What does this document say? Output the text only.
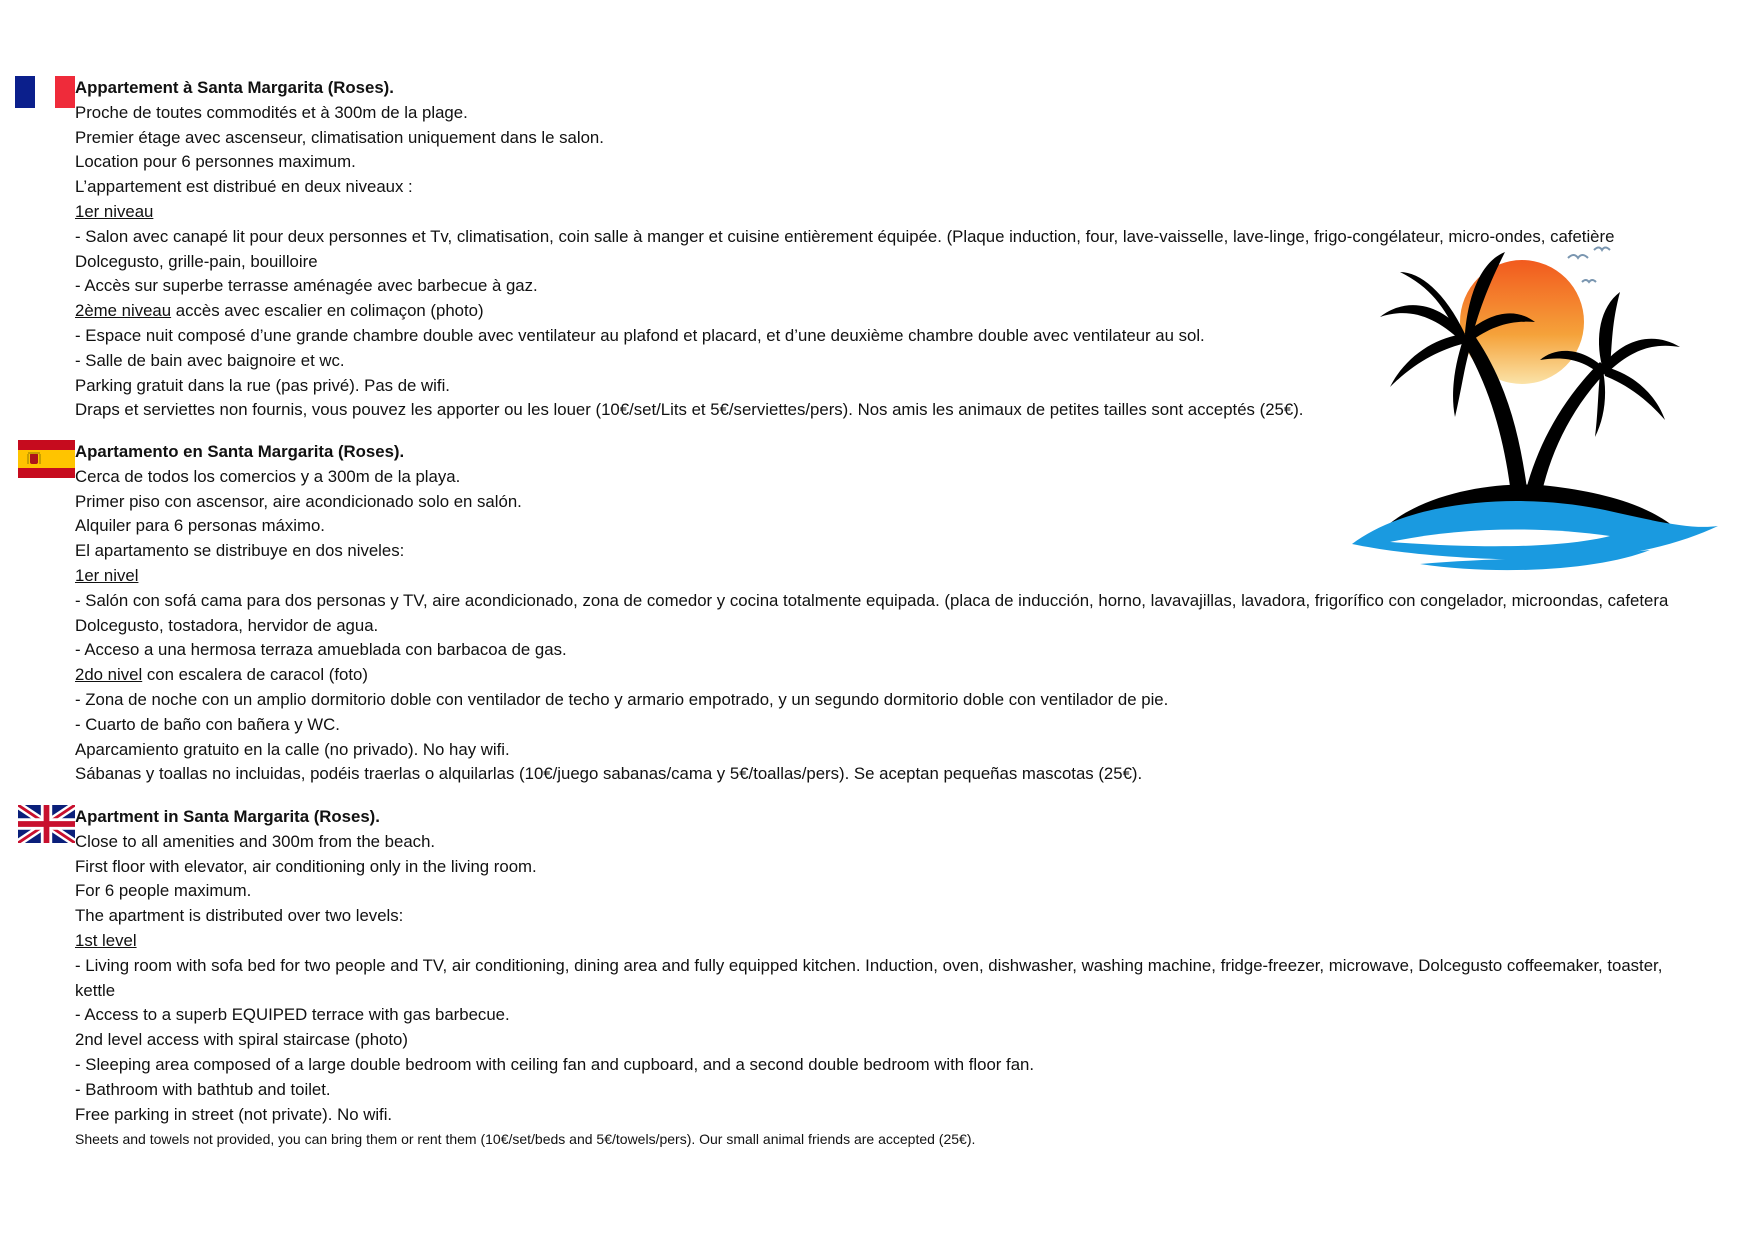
Appartement à Santa Margarita (Roses).
Proche de toutes commodités et à 300m de la plage.
Premier étage avec ascenseur, climatisation uniquement dans le salon.
Location pour 6 personnes maximum.
L’appartement est distribué en deux niveaux :
1er niveau
- Salon avec canapé lit pour deux personnes et Tv, climatisation, coin salle à manger et cuisine entièrement équipée. (Plaque induction, four, lave-vaisselle, lave-linge, frigo-congélateur, micro-ondes, cafetière Dolcegusto, grille-pain, bouilloire
- Accès sur superbe terrasse aménagée avec barbecue à gaz.
2ème niveau accès avec escalier en colimaçon (photo)
- Espace nuit composé d’une grande chambre double avec ventilateur au plafond et placard, et d’une deuxième chambre double avec ventilateur au sol.
- Salle de bain avec baignoire et wc.
Parking gratuit dans la rue (pas privé). Pas de wifi.
Draps et serviettes non fournis, vous pouvez les apporter ou les louer (10€/set/Lits et 5€/serviettes/pers). Nos amis les animaux de petites tailles sont acceptés (25€).
Apartamento en Santa Margarita (Roses).
Cerca de todos los comercios y a 300m de la playa.
Primer piso con ascensor, aire acondicionado solo en salón.
Alquiler para 6 personas máximo.
El apartamento se distribuye en dos niveles:
1er nivel
- Salón con sofá cama para dos personas y TV, aire acondicionado, zona de comedor y cocina totalmente equipada. (placa de inducción, horno, lavavajillas, lavadora, frigorífico con congelador, microondas, cafetera Dolcegusto, tostadora, hervidor de agua.
- Acceso a una hermosa terraza amueblada con barbacoa de gas.
2do nivel con escalera de caracol (foto)
- Zona de noche con un amplio dormitorio doble con ventilador de techo y armario empotrado, y un segundo dormitorio doble con ventilador de pie.
- Cuarto de baño con bañera y WC.
Aparcamiento gratuito en la calle (no privado). No hay wifi.
Sábanas y toallas no incluidas, podéis traerlas o alquilarlas (10€/juego sabanas/cama y 5€/toallas/pers). Se aceptan pequeñas mascotas (25€).
Apartment in Santa Margarita (Roses).
Close to all amenities and 300m from the beach.
First floor with elevator, air conditioning only in the living room.
For 6 people maximum.
The apartment is distributed over two levels:
1st level
- Living room with sofa bed for two people and TV, air conditioning, dining area and fully equipped kitchen. Induction, oven, dishwasher, washing machine, fridge-freezer, microwave, Dolcegusto coffeemaker, toaster, kettle
- Access to a superb EQUIPED terrace with gas barbecue.
2nd level access with spiral staircase (photo)
- Sleeping area composed of a large double bedroom with ceiling fan and cupboard, and a second double bedroom with floor fan.
- Bathroom with bathtub and toilet.
Free parking in street (not private). No wifi.
Sheets and towels not provided, you can bring them or rent them (10€/set/beds and 5€/towels/pers). Our small animal friends are accepted (25€).
